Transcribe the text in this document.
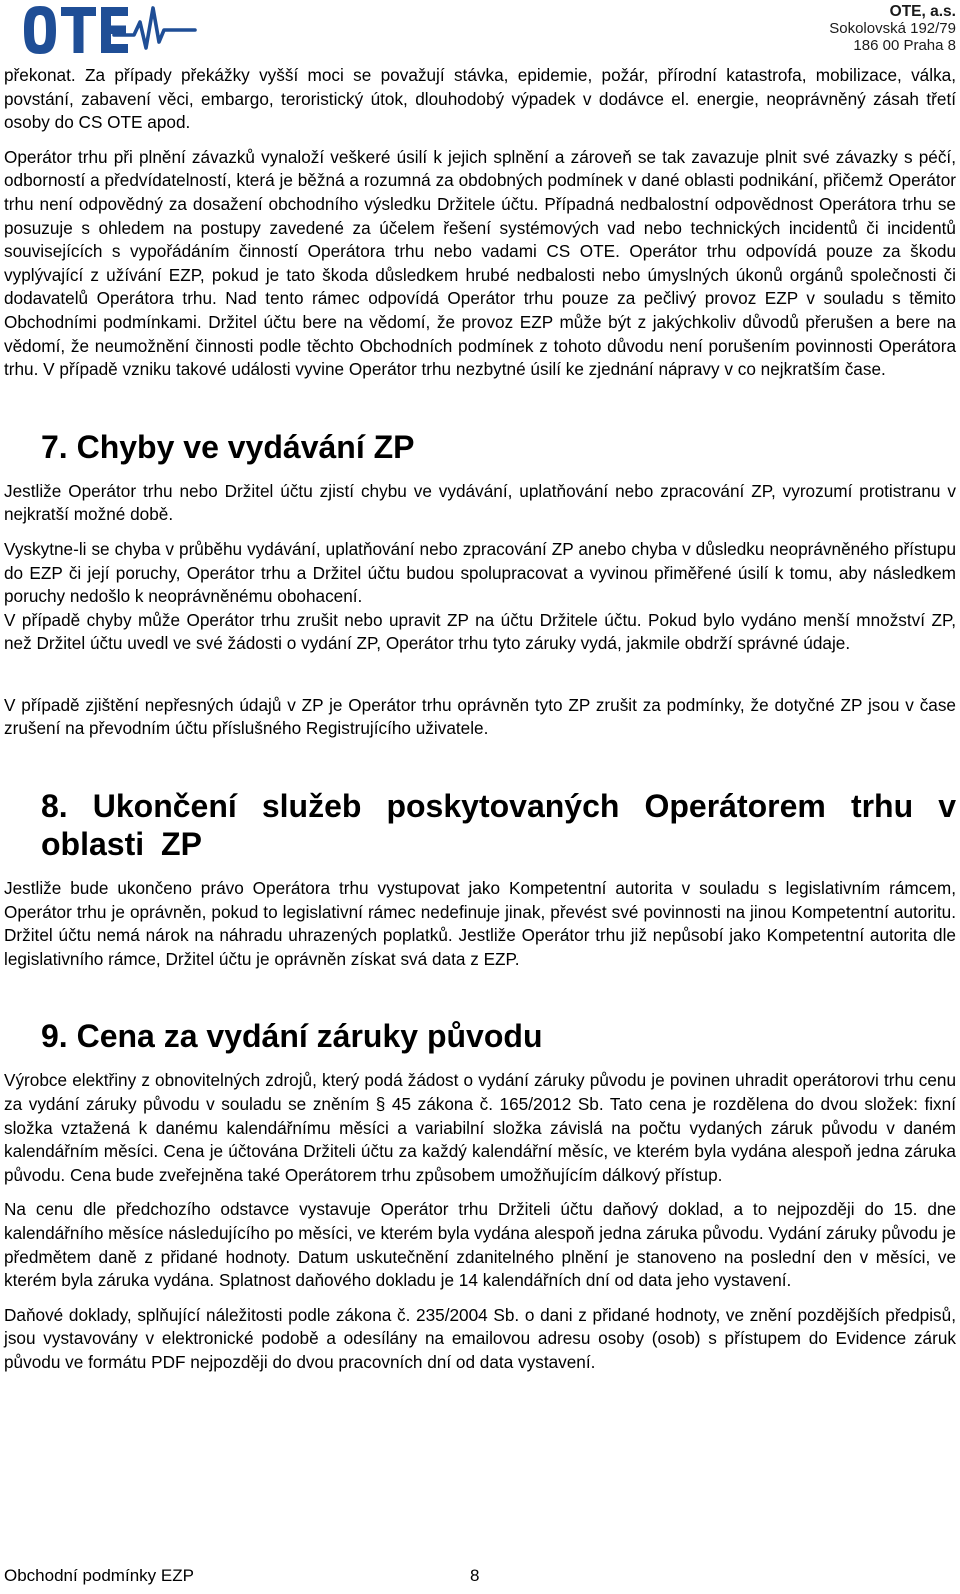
OTE, a.s.
Sokolovská 192/79
186 00 Praha 8

překonat. Za případy překážky vyšší moci se považují stávka, epidemie, požár, přírodní katastrofa, mobilizace, válka, povstání, zabavení věci, embargo, teroristický útok, dlouhodobý výpadek v dodávce el. energie, neoprávněný zásah třetí osoby do CS OTE apod.

Operátor trhu při plnění závazků vynaloží veškeré úsilí k jejich splnění a zároveň se tak zavazuje plnit své závazky s péčí, odborností a předvídatelností, která je běžná a rozumná za obdobných podmínek v dané oblasti podnikání, přičemž Operátor trhu není odpovědný za dosažení obchodního výsledku Držitele účtu. Případná nedbalostní odpovědnost Operátora trhu se posuzuje s ohledem na postupy zavedené za účelem řešení systémových vad nebo technických incidentů či incidentů souvisejících s vypořádáním činností Operátora trhu nebo vadami CS OTE. Operátor trhu odpovídá pouze za škodu vyplývající z užívání EZP, pokud je tato škoda důsledkem hrubé nedbalosti nebo úmyslných úkonů orgánů společnosti či dodavatelů Operátora trhu. Nad tento rámec odpovídá Operátor trhu pouze za pečlivý provoz EZP v souladu s těmito Obchodními podmínkami. Držitel účtu bere na vědomí, že provoz EZP může být z jakýchkoliv důvodů přerušen a bere na vědomí, že neumožnění činnosti podle těchto Obchodních podmínek z tohoto důvodu není porušením povinnosti Operátora trhu. V případě vzniku takové události vyvine Operátor trhu nezbytné úsilí ke zjednání nápravy v co nejkratším čase.

7. Chyby ve vydávání ZP

Jestliže Operátor trhu nebo Držitel účtu zjistí chybu ve vydávání, uplatňování nebo zpracování ZP, vyrozumí protistranu v nejkratší možné době.

Vyskytne-li se chyba v průběhu vydávání, uplatňování nebo zpracování ZP anebo chyba v důsledku neoprávněného přístupu do EZP či její poruchy, Operátor trhu a Držitel účtu budou spolupracovat a vyvinou přiměřené úsilí k tomu, aby následkem poruchy nedošlo k neoprávněnému obohacení.

V případě chyby může Operátor trhu zrušit nebo upravit ZP na účtu Držitele účtu. Pokud bylo vydáno menší množství ZP, než Držitel účtu uvedl ve své žádosti o vydání ZP, Operátor trhu tyto záruky vydá, jakmile obdrží správné údaje.

V případě zjištění nepřesných údajů v ZP je Operátor trhu oprávněn tyto ZP zrušit za podmínky, že dotyčné ZP jsou v čase zrušení na převodním účtu příslušného Registrujícího uživatele.

8. Ukončení služeb poskytovaných Operátorem trhu v oblasti ZP

Jestliže bude ukončeno právo Operátora trhu vystupovat jako Kompetentní autorita v souladu s legislativním rámcem, Operátor trhu je oprávněn, pokud to legislativní rámec nedefinuje jinak, převést své povinnosti na jinou Kompetentní autoritu. Držitel účtu nemá nárok na náhradu uhrazených poplatků. Jestliže Operátor trhu již nepůsobí jako Kompetentní autorita dle legislativního rámce, Držitel účtu je oprávněn získat svá data z EZP.

9. Cena za vydání záruky původu

Výrobce elektřiny z obnovitelných zdrojů, který podá žádost o vydání záruky původu je povinen uhradit operátorovi trhu cenu za vydání záruky původu v souladu se zněním § 45 zákona č. 165/2012 Sb. Tato cena je rozdělena do dvou složek: fixní složka vztažená k danému kalendářnímu měsíci a variabilní složka závislá na počtu vydaných záruk původu v daném kalendářním měsíci. Cena je účtována Držiteli účtu za každý kalendářní měsíc, ve kterém byla vydána alespoň jedna záruka původu. Cena bude zveřejněna také Operátorem trhu způsobem umožňujícím dálkový přístup.

Na cenu dle předchozího odstavce vystavuje Operátor trhu Držiteli účtu daňový doklad, a to nejpozději do 15. dne kalendářního měsíce následujícího po měsíci, ve kterém byla vydána alespoň jedna záruka původu. Vydání záruky původu je předmětem daně z přidané hodnoty. Datum uskutečnění zdanitelného plnění je stanoveno na poslední den v měsíci, ve kterém byla záruka vydána. Splatnost daňového dokladu je 14 kalendářních dní od data jeho vystavení.

Daňové doklady, splňující náležitosti podle zákona č. 235/2004 Sb. o dani z přidané hodnoty, ve znění pozdějších předpisů, jsou vystavovány v elektronické podobě a odesílány na emailovou adresu osoby (osob) s přístupem do Evidence záruk původu ve formátu PDF nejpozději do dvou pracovních dní od data vystavení.

Obchodní podmínky EZP	8
